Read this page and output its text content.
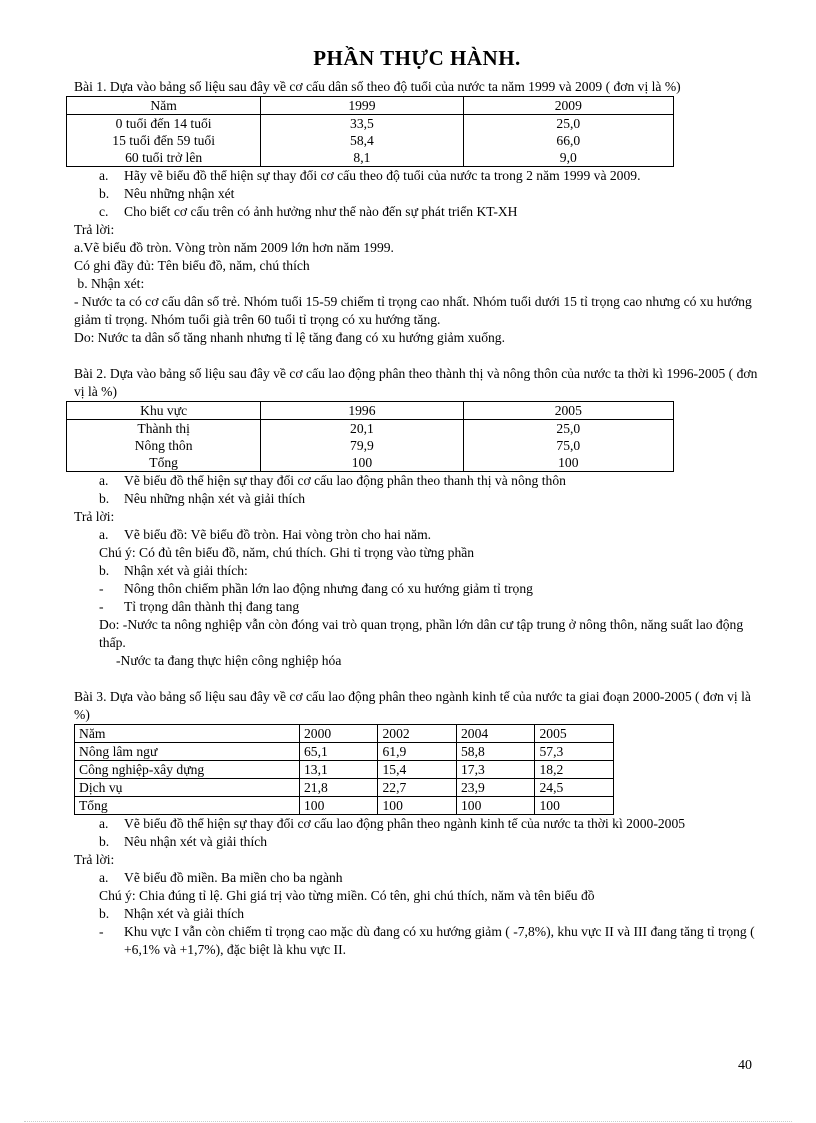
PHẦN THỰC HÀNH.

Bài 1. Dựa vào bảng số liệu sau đây về cơ cấu dân số theo độ tuổi của nước ta năm 1999 và 2009 ( đơn vị là %)

Năm	1999	2009
0 tuổi đến 14 tuổi	33,5	25,0
15 tuổi đến 59 tuổi	58,4	66,0
60 tuổi trở lên	8,1	9,0
a. Hãy vẽ biểu đồ thể hiện sự thay đổi cơ cấu theo độ tuổi của nước ta trong 2 năm 1999 và 2009.
b. Nêu những nhận xét
c. Cho biết cơ cấu trên có ảnh hưởng như thế nào đến sự phát triển KT-XH

Trả lời:

a.Vẽ biểu đồ tròn. Vòng tròn năm 2009 lớn hơn năm 1999.

Có ghi đầy đủ: Tên biểu đồ, năm, chú thích

b. Nhận xét:

- Nước ta có cơ cấu dân số trẻ. Nhóm tuổi 15-59 chiếm tỉ trọng cao nhất. Nhóm tuổi dưới 15 tỉ trọng cao nhưng có xu hướng giảm tỉ trọng. Nhóm tuổi già trên 60 tuổi tỉ trọng có xu hướng tăng.

Do: Nước ta dân số tăng nhanh nhưng tỉ lệ tăng đang có xu hướng giảm xuống.

Bài 2. Dựa vào bảng số liệu sau đây về cơ cấu lao động phân theo thành thị và nông thôn của nước ta thời kì 1996-2005 ( đơn vị là %)

Khu vực	1996	2005
Thành thị	20,1	25,0
Nông thôn	79,9	75,0
Tổng	100	100
a. Vẽ biểu đồ thể hiện sự thay đổi cơ cấu lao động phân theo thanh thị và nông thôn
b. Nêu những nhận xét và giải thích

Trả lời:

a. Vẽ biểu đồ: Vẽ biểu đồ tròn. Hai vòng tròn cho hai năm.

Chú ý: Có đủ tên biểu đồ, năm, chú thích. Ghi tỉ trọng vào từng phần

b. Nhận xét và giải thích:
- Nông thôn chiếm phần lớn lao động nhưng đang có xu hướng giảm tỉ trọng
- Tỉ trọng dân thành thị đang tang

Do: -Nước ta nông nghiệp vẫn còn đóng vai trò quan trọng, phần lớn dân cư tập trung ở nông thôn, năng suất lao động thấp.

-Nước ta đang thực hiện công nghiệp hóa

Bài 3. Dựa vào bảng số liệu sau đây về cơ cấu lao động phân theo ngành kinh tế của nước ta giai đoạn 2000-2005 ( đơn vị là %)

Năm	2000	2002	2004	2005
Nông lâm ngư	65,1	61,9	58,8	57,3
Công nghiệp-xây dựng	13,1	15,4	17,3	18,2
Dịch vụ	21,8	22,7	23,9	24,5
Tổng	100	100	100	100
a. Vẽ biểu đồ thể hiện sự thay đổi cơ cấu lao động phân theo ngành kinh tế của nước ta thời kì 2000-2005
b. Nêu nhận xét và giải thích

Trả lời:

a. Vẽ biểu đồ miền. Ba miền cho ba ngành

Chú ý: Chia đúng tỉ lệ. Ghi giá trị vào từng miền. Có tên, ghi chú thích, năm và tên biểu đồ

b. Nhận xét và giải thích
- Khu vực I vẫn còn chiếm tỉ trọng cao mặc dù đang có xu hướng giảm ( -7,8%), khu vực II và III đang tăng tỉ trọng ( +6,1% và +1,7%), đặc biệt là khu vực II.
40
